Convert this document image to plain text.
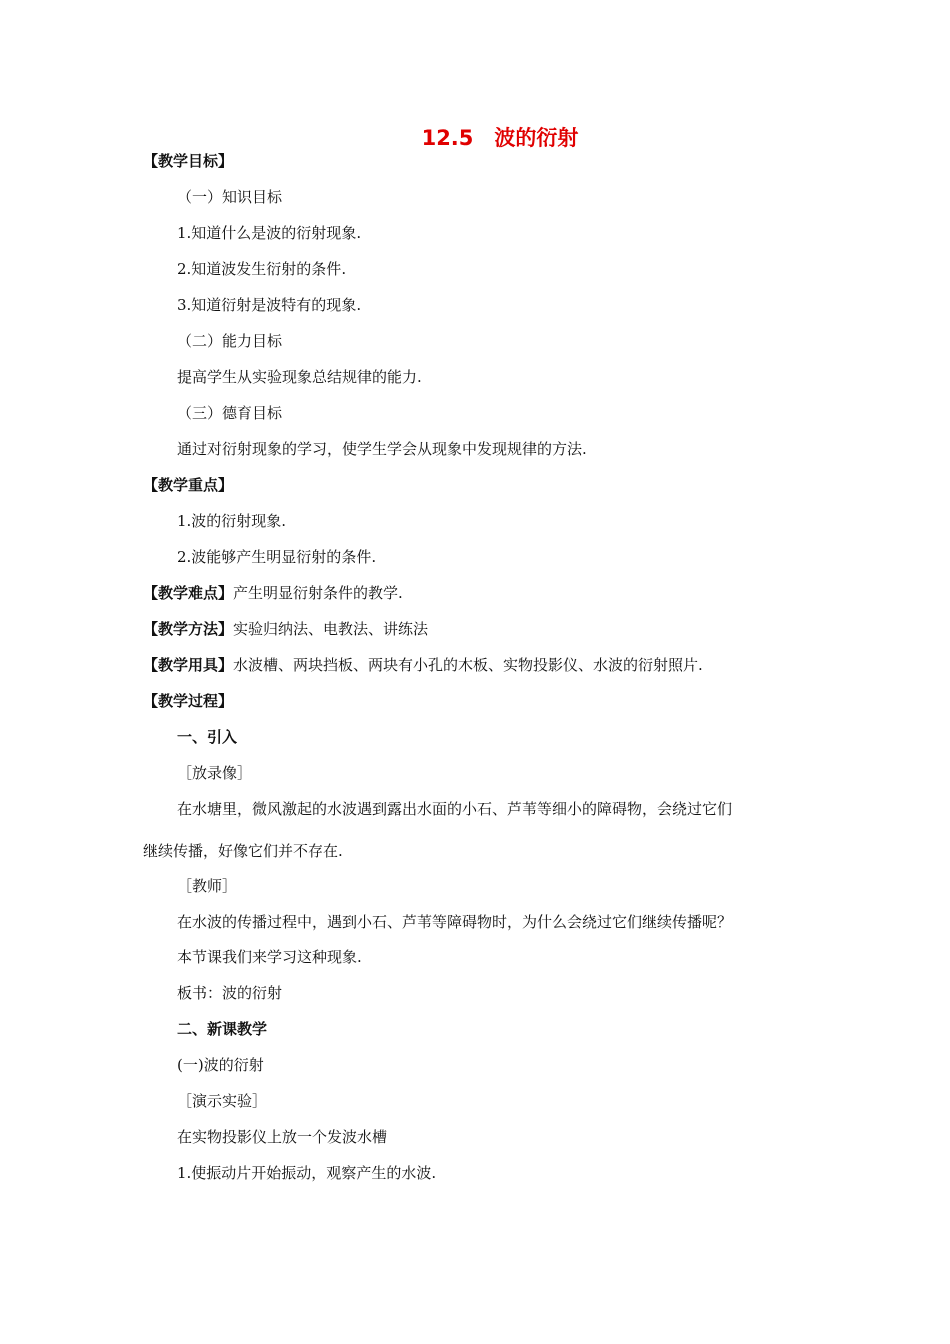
12.5　波的衍射
【教学目标】
（一）知识目标
1.知道什么是波的衍射现象.
2.知道波发生衍射的条件.
3.知道衍射是波特有的现象.
（二）能力目标
提高学生从实验现象总结规律的能力.
（三）德育目标
通过对衍射现象的学习，使学生学会从现象中发现规律的方法.
【教学重点】
1.波的衍射现象.
2.波能够产生明显衍射的条件.
【教学难点】产生明显衍射条件的教学.
【教学方法】实验归纳法、电教法、讲练法
【教学用具】水波槽、两块挡板、两块有小孔的木板、实物投影仪、水波的衍射照片.
【教学过程】
一、引入
［放录像］
在水塘里，微风激起的水波遇到露出水面的小石、芦苇等细小的障碍物，会绕过它们
继续传播，好像它们并不存在.
［教师］
在水波的传播过程中，遇到小石、芦苇等障碍物时，为什么会绕过它们继续传播呢？
本节课我们来学习这种现象.
板书：波的衍射
二、新课教学
(一)波的衍射
［演示实验］
在实物投影仪上放一个发波水槽
1.使振动片开始振动，观察产生的水波.
